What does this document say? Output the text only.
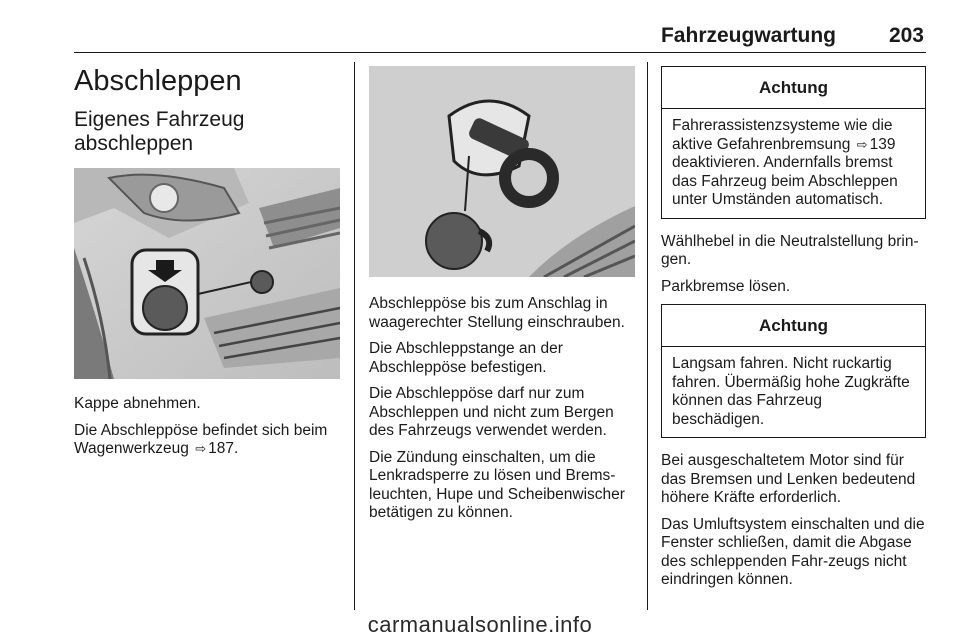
Fahrzeugwartung	203
Abschleppen
Eigenes Fahrzeug abschleppen

Kappe abnehmen.

Die Abschleppöse befindet sich beim Wagenwerkzeug ⇨ 187.

Abschleppöse bis zum Anschlag in waagerechter Stellung einschrauben.

Die Abschleppstange an der Abschleppöse befestigen.

Die Abschleppöse darf nur zum Abschleppen und nicht zum Bergen des Fahrzeugs verwendet werden.

Die Zündung einschalten, um die Lenkradsperre zu lösen und Brems-leuchten, Hupe und Scheibenwischer betätigen zu können.

Achtung

Fahrerassistenzsysteme wie die aktive Gefahrenbremsung ⇨ 139 deaktivieren. Andernfalls bremst das Fahrzeug beim Abschleppen unter Umständen automatisch.

Wählhebel in die Neutralstellung brin-gen.

Parkbremse lösen.

Achtung

Langsam fahren. Nicht ruckartig fahren. Übermäßig hohe Zugkräfte können das Fahrzeug beschädigen.

Bei ausgeschaltetem Motor sind für das Bremsen und Lenken bedeutend höhere Kräfte erforderlich.

Das Umluftsystem einschalten und die Fenster schließen, damit die Abgase des schleppenden Fahr-zeugs nicht eindringen können.

carmanualsonline.info
